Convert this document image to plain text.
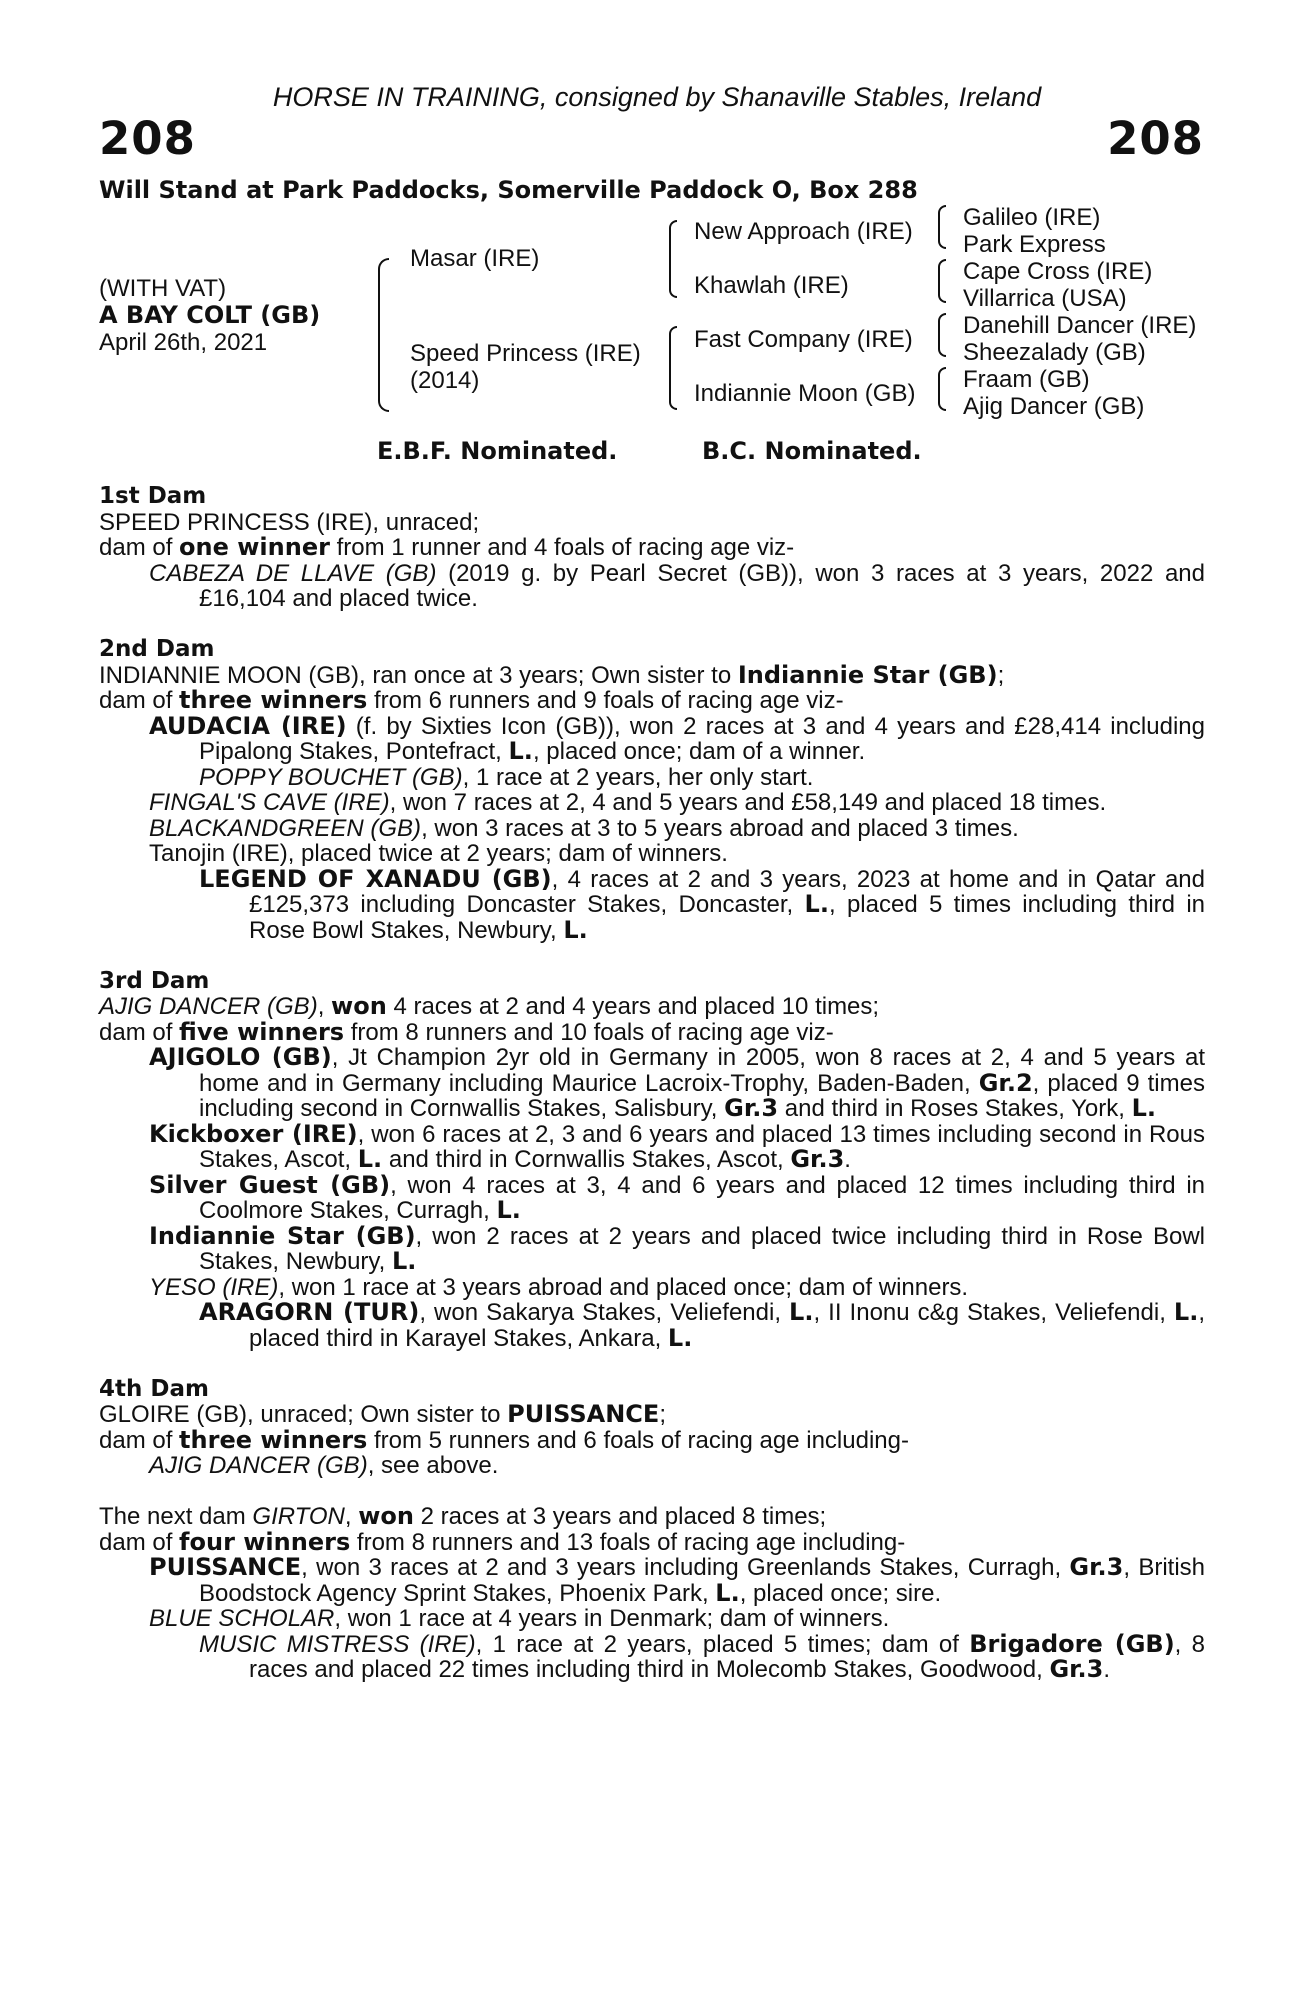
HORSE IN TRAINING, consigned by Shanaville Stables, Ireland
208	208
Will Stand at Park Paddocks, Somerville Paddock O, Box 288
(WITH VAT)
A BAY COLT (GB)
April 26th, 2021
Masar (IRE)
Speed Princess (IRE)
(2014)
New Approach (IRE)
Khawlah (IRE)
Fast Company (IRE)
Indiannie Moon (GB)
Galileo (IRE)
Park Express
Cape Cross (IRE)
Villarrica (USA)
Danehill Dancer (IRE)
Sheezalady (GB)
Fraam (GB)
Ajig Dancer (GB)
E.B.F. Nominated.	B.C. Nominated.
1st Dam
SPEED PRINCESS (IRE), unraced;
dam of one winner from 1 runner and 4 foals of racing age viz-
CABEZA DE LLAVE (GB) (2019 g. by Pearl Secret (GB)), won 3 races at 3 years, 2022 and £16,104 and placed twice.
2nd Dam
INDIANNIE MOON (GB), ran once at 3 years; Own sister to Indiannie Star (GB);
dam of three winners from 6 runners and 9 foals of racing age viz-
AUDACIA (IRE) (f. by Sixties Icon (GB)), won 2 races at 3 and 4 years and £28,414 including Pipalong Stakes, Pontefract, L., placed once; dam of a winner.
POPPY BOUCHET (GB), 1 race at 2 years, her only start.
FINGAL'S CAVE (IRE), won 7 races at 2, 4 and 5 years and £58,149 and placed 18 times.
BLACKANDGREEN (GB), won 3 races at 3 to 5 years abroad and placed 3 times.
Tanojin (IRE), placed twice at 2 years; dam of winners.
LEGEND OF XANADU (GB), 4 races at 2 and 3 years, 2023 at home and in Qatar and £125,373 including Doncaster Stakes, Doncaster, L., placed 5 times including third in Rose Bowl Stakes, Newbury, L.
3rd Dam
AJIG DANCER (GB), won 4 races at 2 and 4 years and placed 10 times;
dam of five winners from 8 runners and 10 foals of racing age viz-
AJIGOLO (GB), Jt Champion 2yr old in Germany in 2005, won 8 races at 2, 4 and 5 years at home and in Germany including Maurice Lacroix-Trophy, Baden-Baden, Gr.2, placed 9 times including second in Cornwallis Stakes, Salisbury, Gr.3 and third in Roses Stakes, York, L.
Kickboxer (IRE), won 6 races at 2, 3 and 6 years and placed 13 times including second in Rous Stakes, Ascot, L. and third in Cornwallis Stakes, Ascot, Gr.3.
Silver Guest (GB), won 4 races at 3, 4 and 6 years and placed 12 times including third in Coolmore Stakes, Curragh, L.
Indiannie Star (GB), won 2 races at 2 years and placed twice including third in Rose Bowl Stakes, Newbury, L.
YESO (IRE), won 1 race at 3 years abroad and placed once; dam of winners.
ARAGORN (TUR), won Sakarya Stakes, Veliefendi, L., II Inonu c&g Stakes, Veliefendi, L., placed third in Karayel Stakes, Ankara, L.
4th Dam
GLOIRE (GB), unraced; Own sister to PUISSANCE;
dam of three winners from 5 runners and 6 foals of racing age including-
AJIG DANCER (GB), see above.
The next dam GIRTON, won 2 races at 3 years and placed 8 times;
dam of four winners from 8 runners and 13 foals of racing age including-
PUISSANCE, won 3 races at 2 and 3 years including Greenlands Stakes, Curragh, Gr.3, British Boodstock Agency Sprint Stakes, Phoenix Park, L., placed once; sire.
BLUE SCHOLAR, won 1 race at 4 years in Denmark; dam of winners.
MUSIC MISTRESS (IRE), 1 race at 2 years, placed 5 times; dam of Brigadore (GB), 8 races and placed 22 times including third in Molecomb Stakes, Goodwood, Gr.3.
